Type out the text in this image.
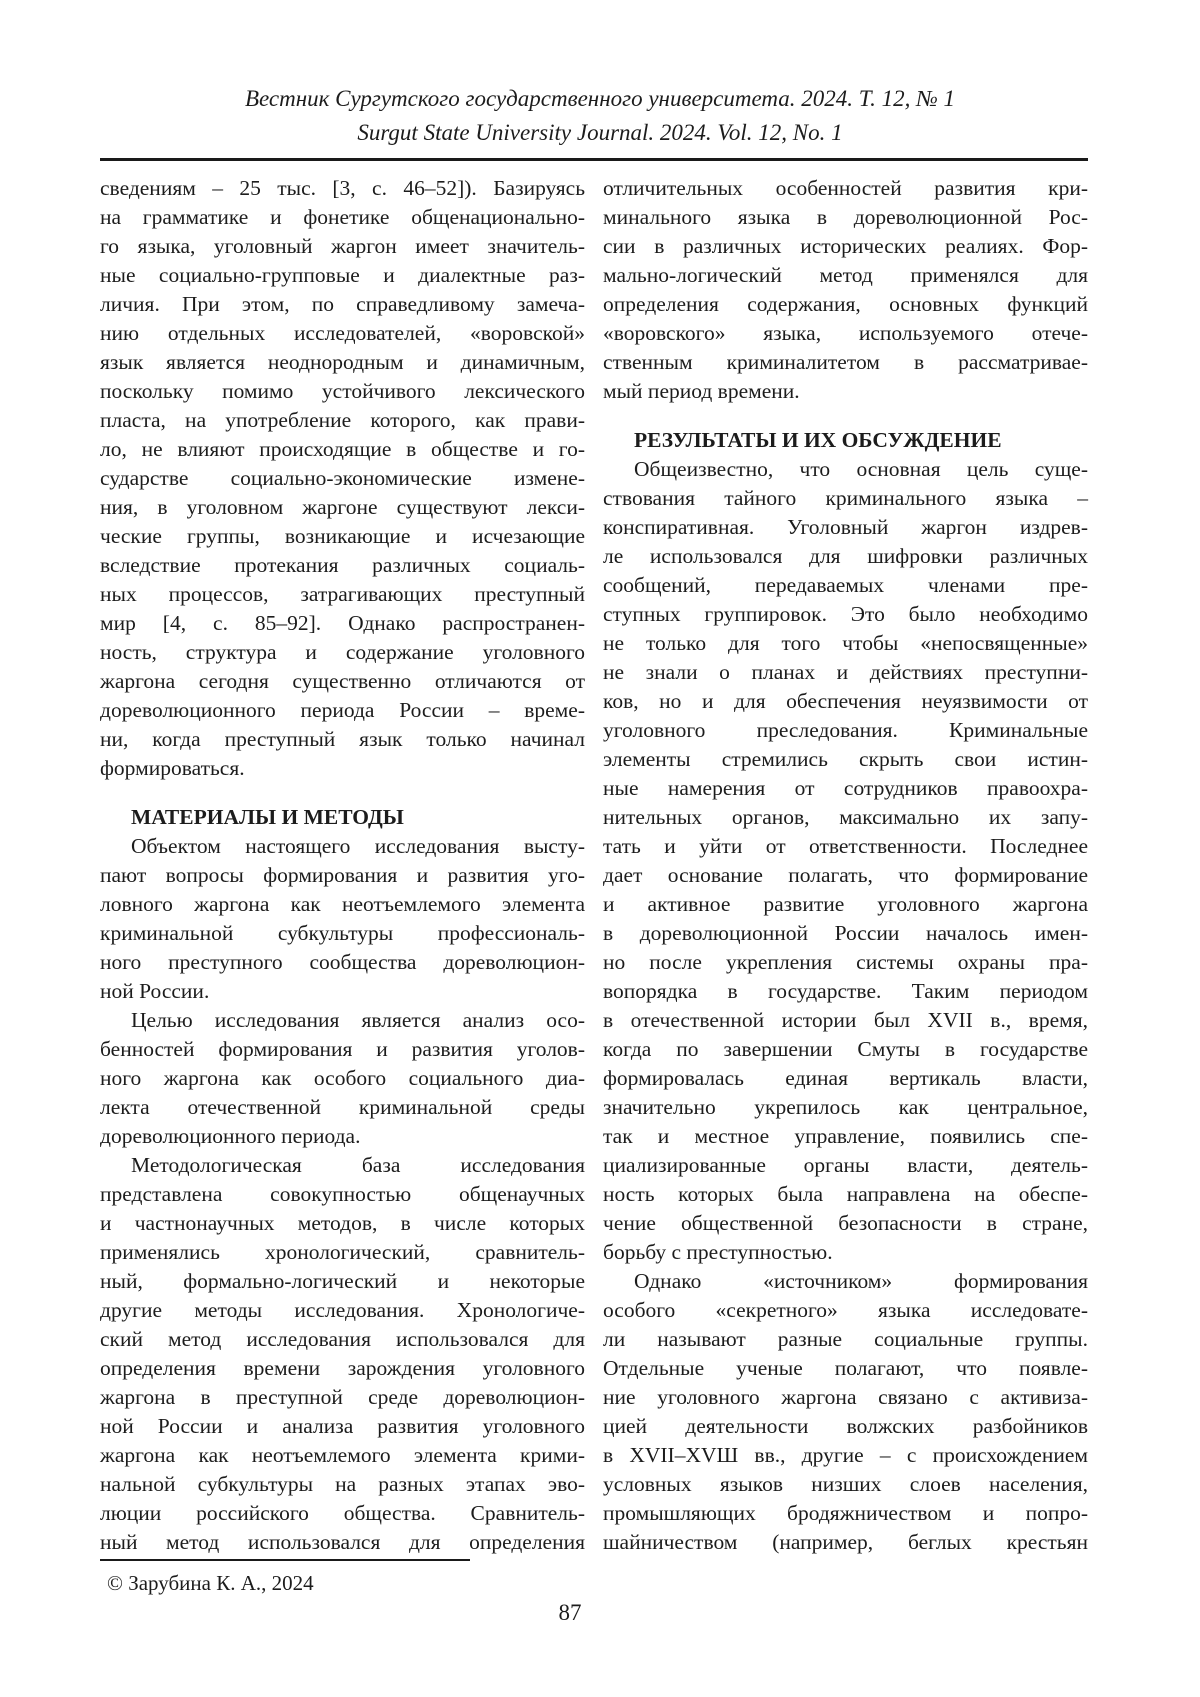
Вестник Сургутского государственного университета. 2024. Т. 12, № 1
Surgut State University Journal. 2024. Vol. 12, No. 1
сведениям – 25 тыс. [3, с. 46–52]). Базируясь
на грамматике и фонетике общенационально-
го языка, уголовный жаргон имеет значитель-
ные социально-групповые и диалектные раз-
личия. При этом, по справедливому замеча-
нию отдельных исследователей, «воровской»
язык является неоднородным и динамичным,
поскольку помимо устойчивого лексического
пласта, на употребление которого, как прави-
ло, не влияют происходящие в обществе и го-
сударстве социально-экономические измене-
ния, в уголовном жаргоне существуют лекси-
ческие группы, возникающие и исчезающие
вследствие протекания различных социаль-
ных процессов, затрагивающих преступный
мир [4, с. 85–92]. Однако распространен-
ность, структура и содержание уголовного
жаргона сегодня существенно отличаются от
дореволюционного периода России – време-
ни, когда преступный язык только начинал
формироваться.
МАТЕРИАЛЫ И МЕТОДЫ
Объектом настоящего исследования высту-
пают вопросы формирования и развития уго-
ловного жаргона как неотъемлемого элемента
криминальной субкультуры профессиональ-
ного преступного сообщества дореволюцион-
ной России.
Целью исследования является анализ осо-
бенностей формирования и развития уголов-
ного жаргона как особого социального диа-
лекта отечественной криминальной среды
дореволюционного периода.
Методологическая база исследования
представлена совокупностью общенаучных
и частнонаучных методов, в числе которых
применялись хронологический, сравнитель-
ный, формально-логический и некоторые
другие методы исследования. Хронологиче-
ский метод исследования использовался для
определения времени зарождения уголовного
жаргона в преступной среде дореволюцион-
ной России и анализа развития уголовного
жаргона как неотъемлемого элемента крими-
нальной субкультуры на разных этапах эво-
люции российского общества. Сравнитель-
ный метод использовался для определения
отличительных особенностей развития кри-
минального языка в дореволюционной Рос-
сии в различных исторических реалиях. Фор-
мально-логический метод применялся для
определения содержания, основных функций
«воровского» языка, используемого отече-
ственным криминалитетом в рассматривае-
мый период времени.
РЕЗУЛЬТАТЫ И ИХ ОБСУЖДЕНИЕ
Общеизвестно, что основная цель суще-
ствования тайного криминального языка –
конспиративная. Уголовный жаргон издрев-
ле использовался для шифровки различных
сообщений, передаваемых членами пре-
ступных группировок. Это было необходимо
не только для того чтобы «непосвященные»
не знали о планах и действиях преступни-
ков, но и для обеспечения неуязвимости от
уголовного преследования. Криминальные
элементы стремились скрыть свои истин-
ные намерения от сотрудников правоохра-
нительных органов, максимально их запу-
тать и уйти от ответственности. Последнее
дает основание полагать, что формирование
и активное развитие уголовного жаргона
в дореволюционной России началось имен-
но после укрепления системы охраны пра-
вопорядка в государстве. Таким периодом
в отечественной истории был XVII в., время,
когда по завершении Смуты в государстве
формировалась единая вертикаль власти,
значительно укрепилось как центральное,
так и местное управление, появились спе-
циализированные органы власти, деятель-
ность которых была направлена на обеспе-
чение общественной безопасности в стране,
борьбу с преступностью.
Однако «источником» формирования
особого «секретного» языка исследовате-
ли называют разные социальные группы.
Отдельные ученые полагают, что появле-
ние уголовного жаргона связано с активиза-
цией деятельности волжских разбойников
в XVII–XVШ вв., другие – с происхождением
условных языков низших слоев населения,
промышляющих бродяжничеством и попро-
шайничеством (например, беглых крестьян
© Зарубина К. А., 2024
87
